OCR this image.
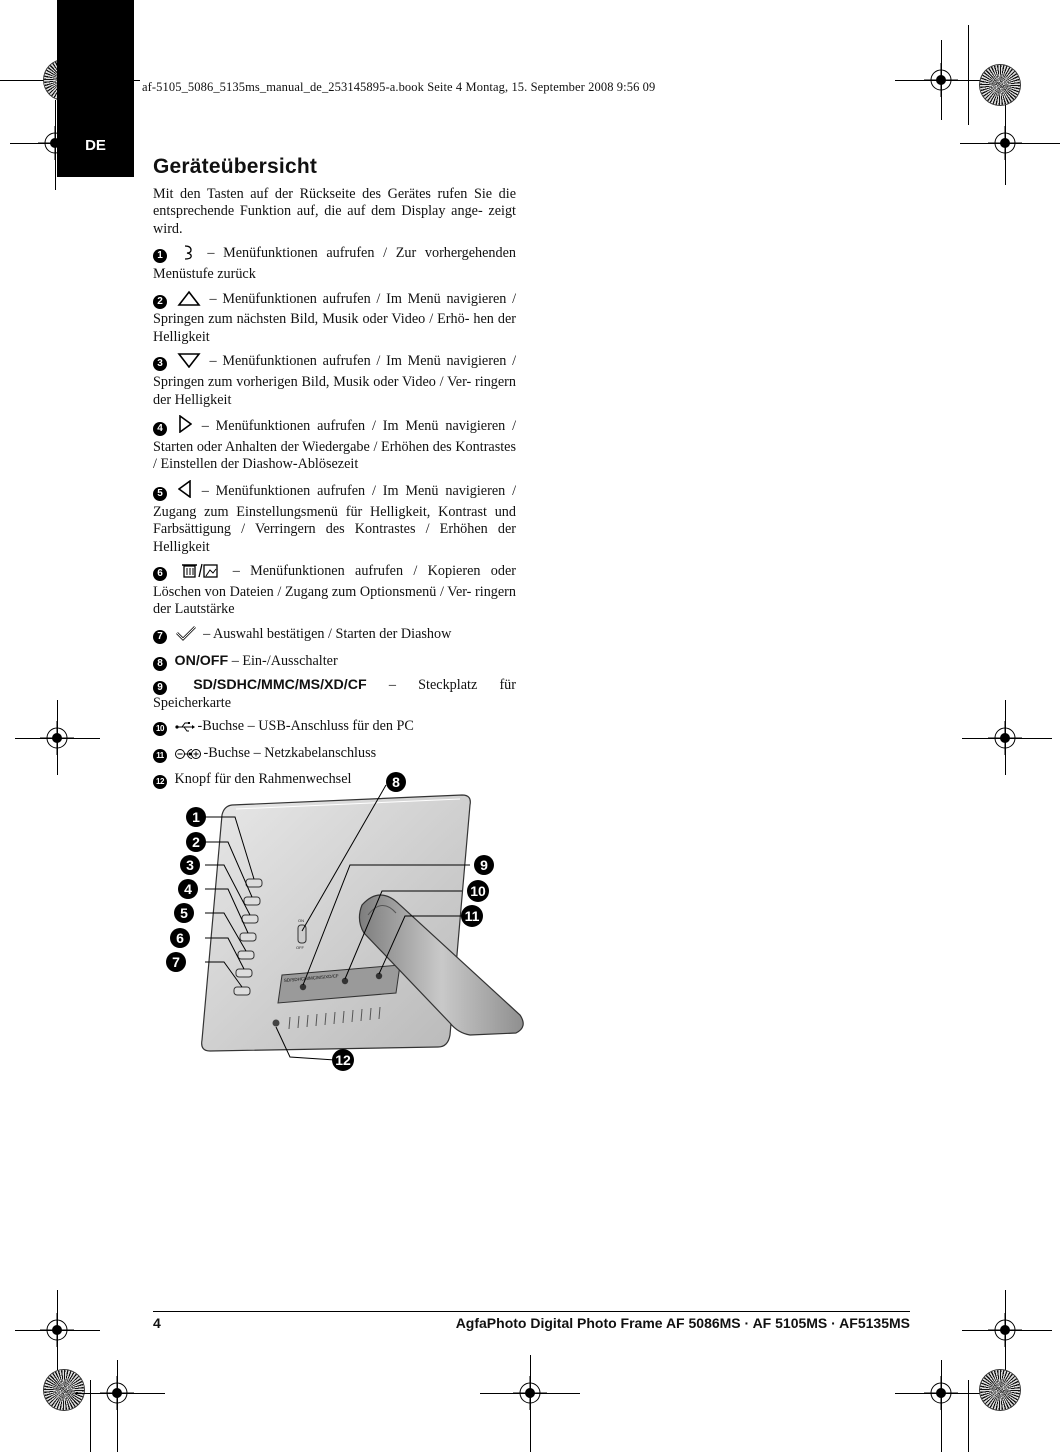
DE
af-5105_5086_5135ms_manual_de_253145895-a.book Seite 4 Montag, 15. September 2008 9:56 09
Geräteübersicht

Mit den Tasten auf der Rückseite des Gerätes rufen Sie die entsprechende Funktion auf, die auf dem Display ange- zeigt wird.

1	– Menüfunktionen aufrufen / Zur vorhergehenden Menüstufe zurück
2	– Menüfunktionen aufrufen / Im Menü navigieren / Springen zum nächsten Bild, Musik oder Video / Erhö- hen der Helligkeit
3	– Menüfunktionen aufrufen / Im Menü navigieren / Springen zum vorherigen Bild, Musik oder Video / Ver- ringern der Helligkeit
4	– Menüfunktionen aufrufen / Im Menü navigieren / Starten oder Anhalten der Wiedergabe / Erhöhen des Kontrastes / Einstellen der Diashow-Ablösezeit
5	– Menüfunktionen aufrufen / Im Menü navigieren / Zugang zum Einstellungsmenü für Helligkeit, Kontrast und Farbsättigung / Verringern des Kontrastes / Erhöhen der Helligkeit
6	– Menüfunktionen aufrufen / Kopieren oder Löschen von Dateien / Zugang zum Optionsmenü / Ver- ringern der Lautstärke
7	– Auswahl bestätigen / Starten der Diashow
8 ON/OFF – Ein-/Ausschalter
9 SD/SDHC/MMC/MS/XD/CF – Steckplatz für Speicherkarte
10 -Buchse – USB-Anschluss für den PC
11	-Buchse – Netzkabelanschluss
12 Knopf für den Rahmenwechsel
ON
OFF
SD/SDHC/MMC/MS/XD/CF
1
2
3
4
5
6
7
8
9
10
11
12
4	AgfaPhoto Digital Photo Frame AF 5086MS · AF 5105MS · AF5135MS
